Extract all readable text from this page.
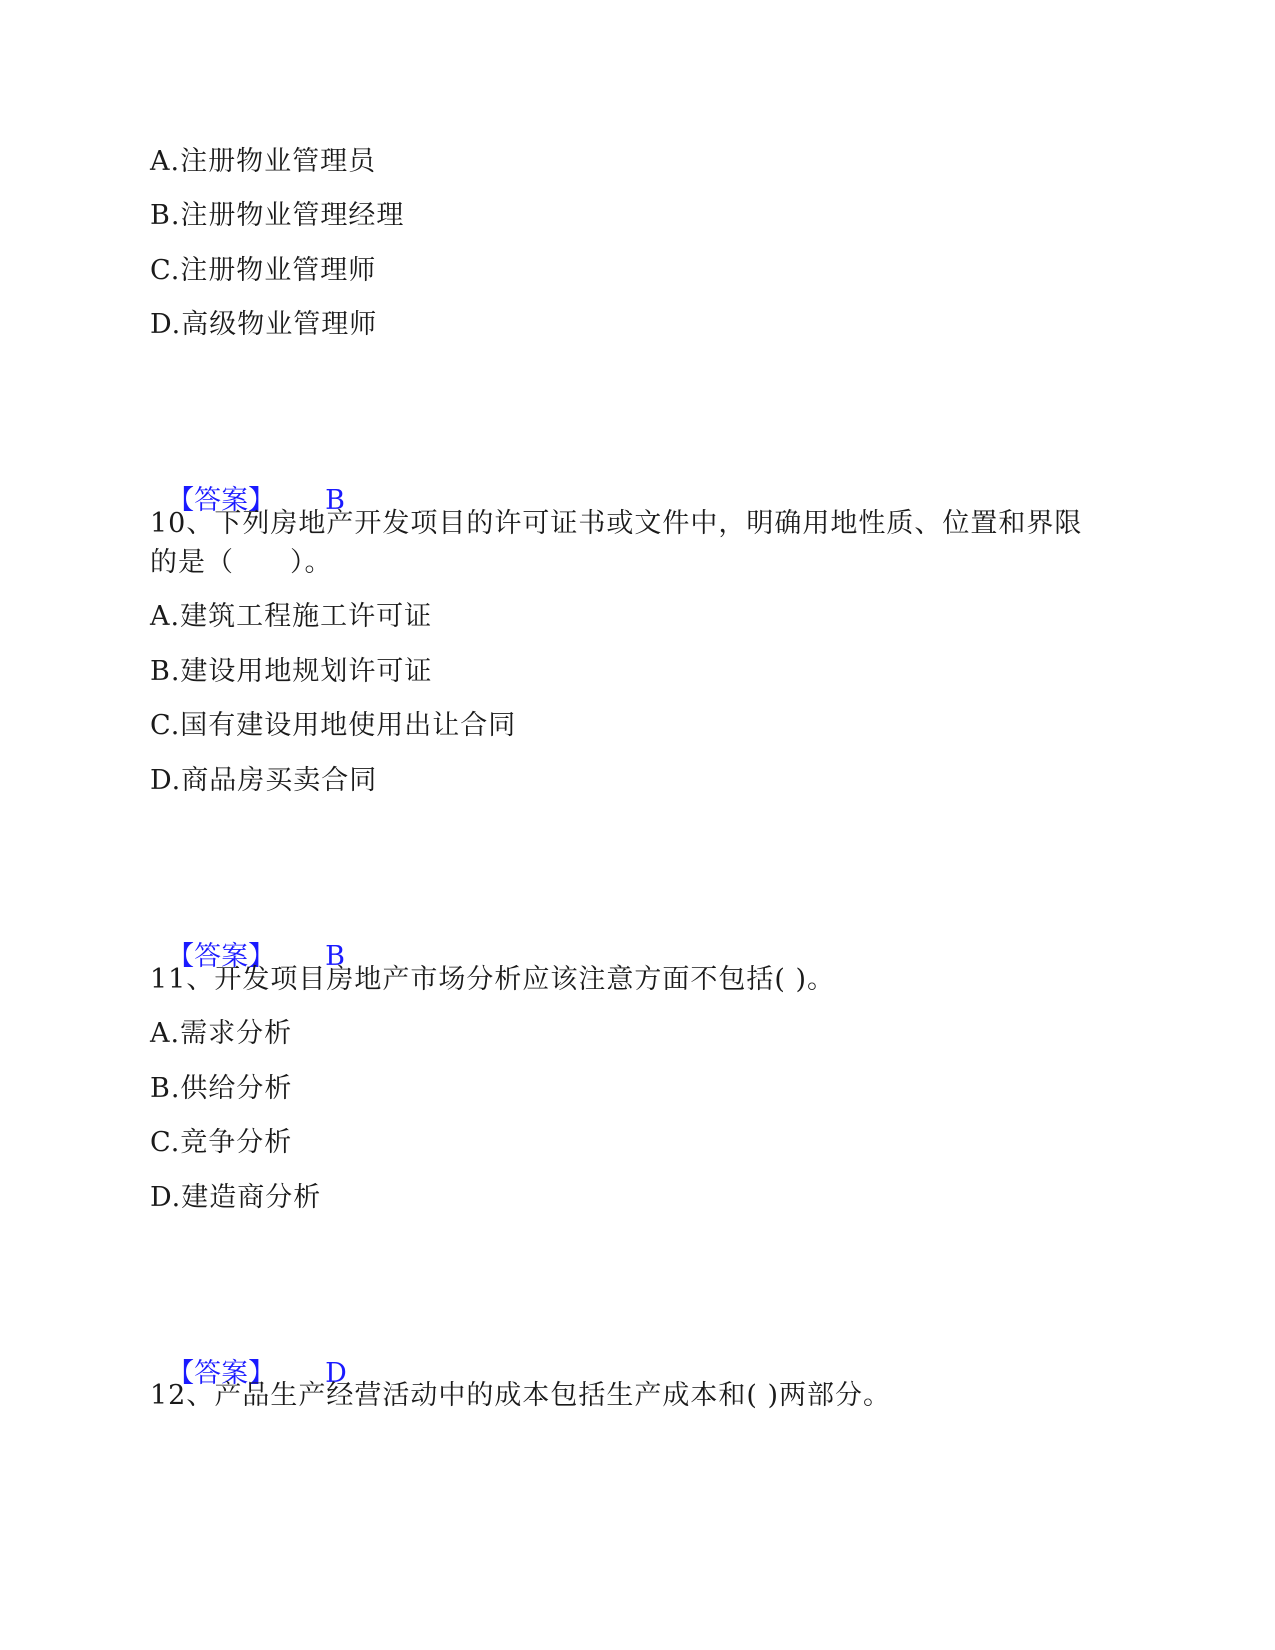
A.注册物业管理员
B.注册物业管理经理
C.注册物业管理师
D.高级物业管理师

【答案】 B

10、下列房地产开发项目的许可证书或文件中，明确用地性质、位置和界限
的是（　　）。
A.建筑工程施工许可证
B.建设用地规划许可证
C.国有建设用地使用出让合同
D.商品房买卖合同

【答案】 B

11、开发项目房地产市场分析应该注意方面不包括( )。
A.需求分析
B.供给分析
C.竞争分析
D.建造商分析

【答案】 D

12、产品生产经营活动中的成本包括生产成本和( )两部分。
